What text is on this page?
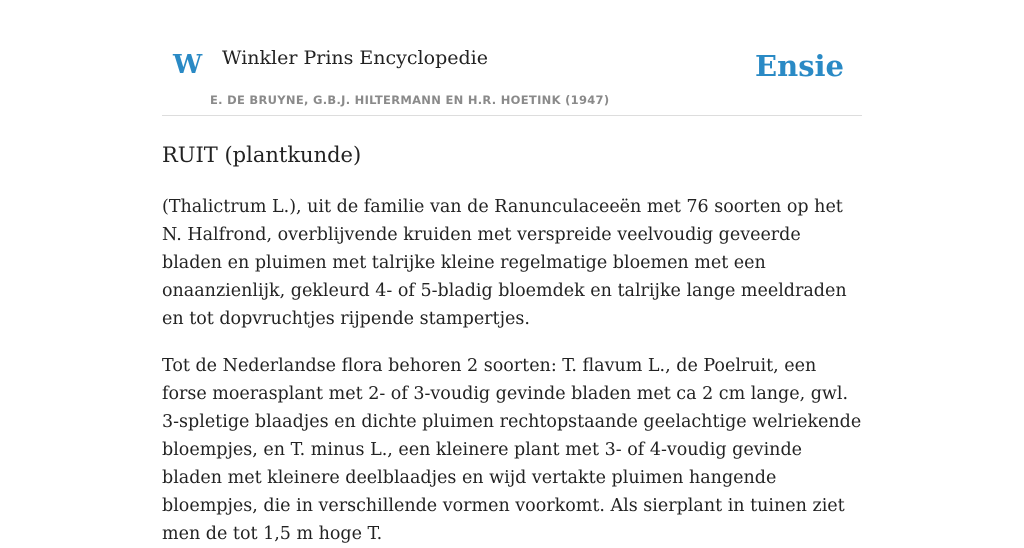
W Winkler Prins Encyclopedie
E. DE BRUYNE, G.B.J. HILTERMANN EN H.R. HOETINK (1947)
Ensie
RUIT (plantkunde)

(Thalictrum L.), uit de familie van de Ranunculaceeën met 76 soorten op het N. Halfrond, overblijvende kruiden met verspreide veelvoudig geveerde bladen en pluimen met talrijke kleine regelmatige bloemen met een onaanzienlijk, gekleurd 4- of 5-bladig bloemdek en talrijke lange meeldraden en tot dopvruchtjes rijpende stampertjes.

Tot de Nederlandse flora behoren 2 soorten: T. flavum L., de Poelruit, een forse moerasplant met 2- of 3-voudig gevinde bladen met ca 2 cm lange, gwl. 3-spletige blaadjes en dichte pluimen rechtopstaande geelachtige welriekende bloempjes, en T. minus L., een kleinere plant met 3- of 4-voudig gevinde bladen met kleinere deelblaadjes en wijd vertakte pluimen hangende bloempjes, die in verschillende vormen voorkomt. Als sierplant in tuinen ziet men de tot 1,5 m hoge T.
